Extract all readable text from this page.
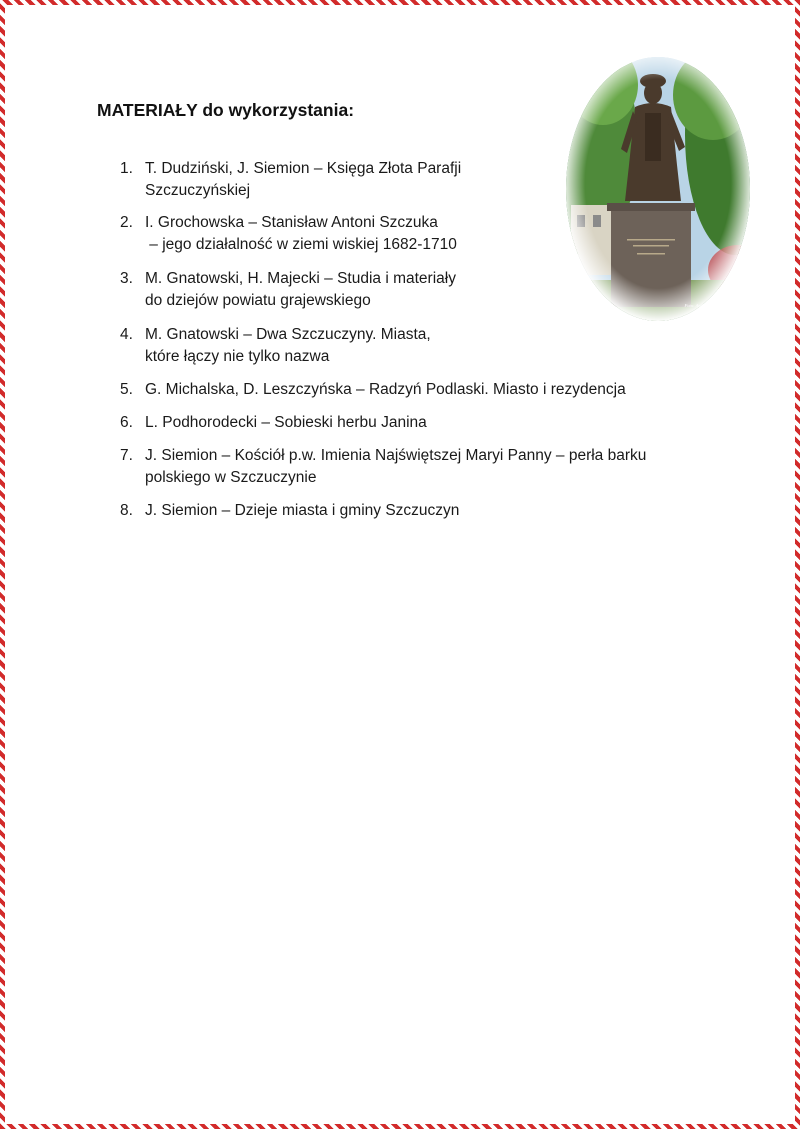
MATERIAŁY do wykorzystania:
1. T. Dudziński, J. Siemion – Księga Złota Parafji
Szczuczyńskiej
2. I. Grochowska – Stanisław Antoni Szczuka
– jego działalność w ziemi wiskiej 1682-1710
3. M. Gnatowski, H. Majecki – Studia i materiały
do dziejów powiatu grajewskiego
4. M. Gnatowski – Dwa Szczuczyny. Miasta,
które łączy nie tylko nazwa
5. G. Michalska, D. Leszczyńska – Radzyń Podlaski. Miasto i rezydencja
6. L. Podhorodecki – Sobieski herbu Janina
7. J. Siemion – Kościół p.w. Imienia Najświętszej Maryi Panny – perła barku
polskiego w Szczuczynie
8. J. Siemion – Dzieje miasta i gminy Szczuczyn
Foto: Andrzej Szulecki
